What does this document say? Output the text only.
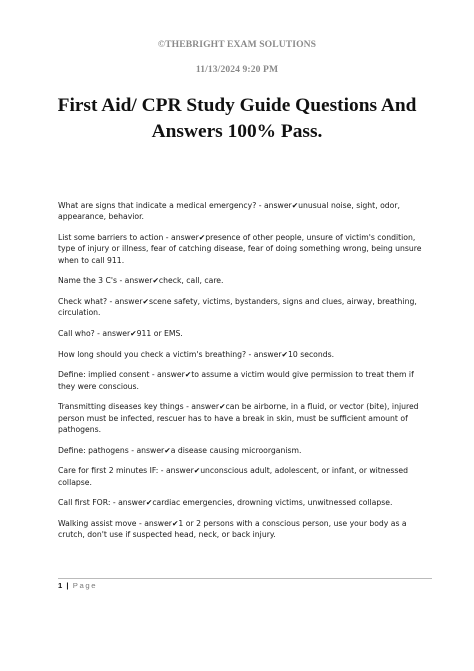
©THEBRIGHT EXAM SOLUTIONS
11/13/2024 9:20 PM
First Aid/ CPR Study Guide Questions And
Answers 100% Pass.

What are signs that indicate a medical emergency? - answer✔unusual noise, sight, odor, appearance, behavior.

List some barriers to action - answer✔presence of other people, unsure of victim's condition, type of injury or illness, fear of catching disease, fear of doing something wrong, being unsure when to call 911.

Name the 3 C's - answer✔check, call, care.

Check what? - answer✔scene safety, victims, bystanders, signs and clues, airway, breathing, circulation.

Call who? - answer✔911 or EMS.

How long should you check a victim's breathing? - answer✔10 seconds.

Define: implied consent - answer✔to assume a victim would give permission to treat them if they were conscious.

Transmitting diseases key things - answer✔can be airborne, in a fluid, or vector (bite), injured person must be infected, rescuer has to have a break in skin, must be sufficient amount of pathogens.

Define: pathogens - answer✔a disease causing microorganism.

Care for first 2 minutes IF: - answer✔unconscious adult, adolescent, or infant, or witnessed collapse.

Call first FOR: - answer✔cardiac emergencies, drowning victims, unwitnessed collapse.

Walking assist move - answer✔1 or 2 persons with a conscious person, use your body as a crutch, don't use if suspected head, neck, or back injury.

1 | Page
